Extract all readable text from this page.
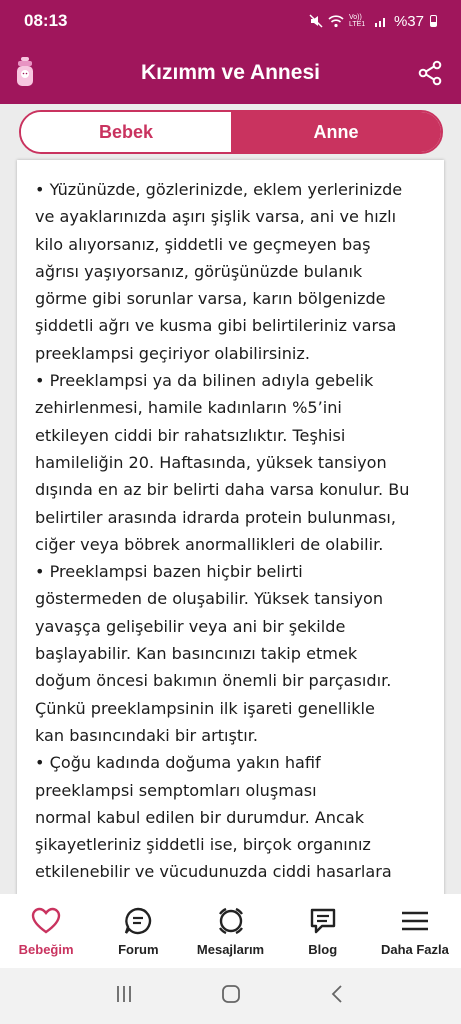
08:13	Vo)) LTE1 %37
Kızımm ve Annesi
Bebek	Anne
• Yüzünüzde, gözlerinizde, eklem yerlerinizde
ve ayaklarınızda aşırı şişlik varsa, ani ve hızlı
kilo alıyorsanız, şiddetli ve geçmeyen baş
ağrısı yaşıyorsanız, görüşünüzde bulanık
görme gibi sorunlar varsa, karın bölgenizde
şiddetli ağrı ve kusma gibi belirtileriniz varsa
preeklampsi geçiriyor olabilirsiniz.
• Preeklampsi ya da bilinen adıyla gebelik
zehirlenmesi, hamile kadınların %5’ini
etkileyen ciddi bir rahatsızlıktır. Teşhisi
hamileliğin 20. Haftasında, yüksek tansiyon
dışında en az bir belirti daha varsa konulur. Bu
belirtiler arasında idrarda protein bulunması,
ciğer veya böbrek anormallikleri de olabilir.
• Preeklampsi bazen hiçbir belirti
göstermeden de oluşabilir. Yüksek tansiyon
yavaşça gelişebilir veya ani bir şekilde
başlayabilir. Kan basıncınızı takip etmek
doğum öncesi bakımın önemli bir parçasıdır.
Çünkü preeklampsinin ilk işareti genellikle
kan basıncındaki bir artıştır.
• Çoğu kadında doğuma yakın hafif
preeklampsi semptomları oluşması
normal kabul edilen bir durumdur. Ancak
şikayetleriniz şiddetli ise, birçok organınız
etkilenebilir ve vücudunuzda ciddi hasarlara
Bebeğim	Forum	Mesajlarım	Blog	Daha Fazla
